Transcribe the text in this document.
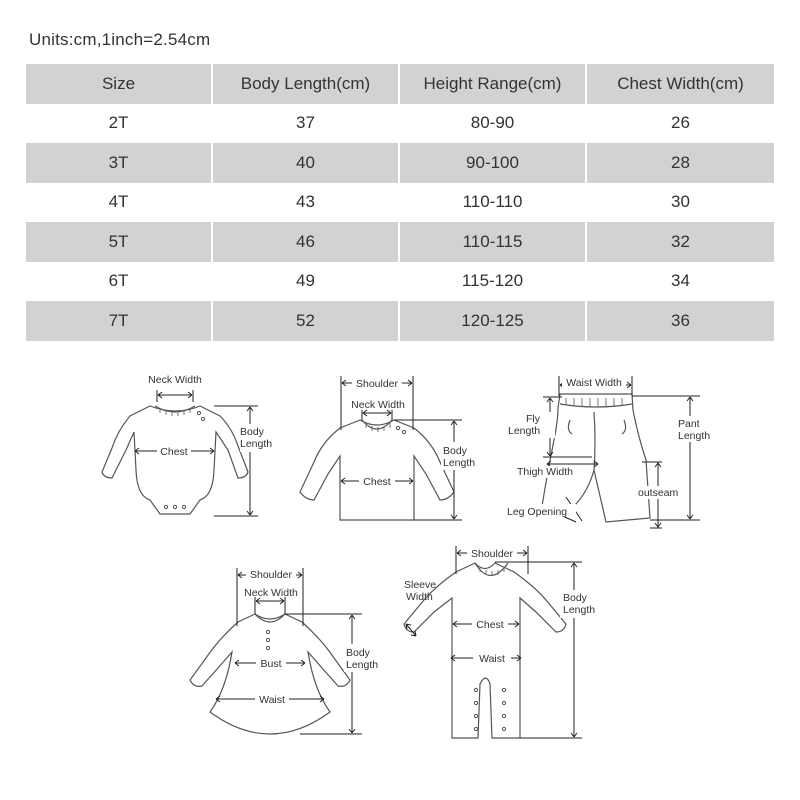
Units:cm,1inch=2.54cm
Size	Body Length(cm)	Height Range(cm)	Chest Width(cm)
2T	37	80-90	26
3T	40	90-100	28
4T	43	110-110	30
5T	46	110-115	32
6T	49	115-120	34
7T	52	120-125	36
Neck Width
Chest
Body
Length
Shoulder
Neck Width
Chest
Body
Length
Waist Width
Fly
Length
Pant
Length
Thigh Width
outseam
Leg Opening
Shoulder
Neck Width
Bust
Waist
Body
Length
Shoulder
Sleeve
Width
Chest
Waist
Body
Length
